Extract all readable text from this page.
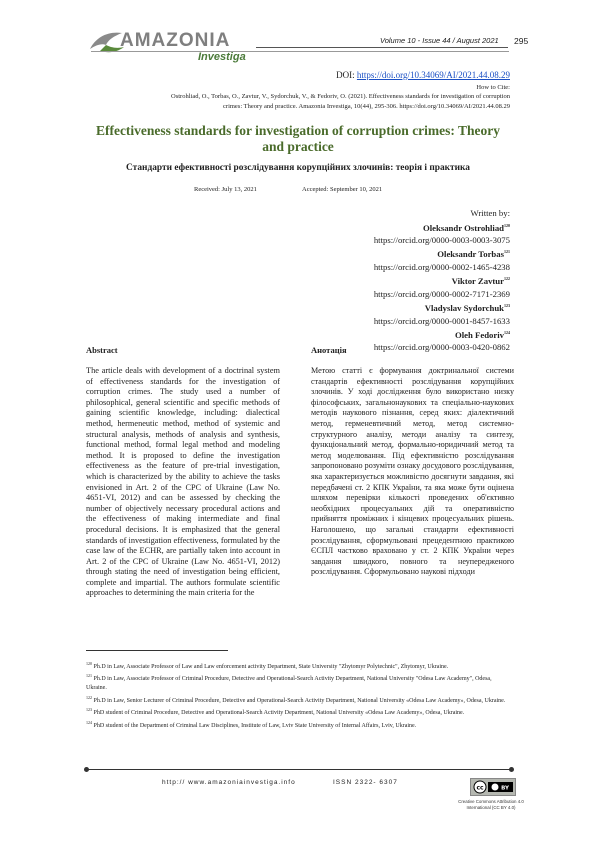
AMAZONIA
Investiga
Volume 10 - Issue 44 / August 2021 295
DOI: https://doi.org/10.34069/AI/2021.44.08.29
How to Cite:
Ostrohliad, O., Torbas, O., Zavtur, V., Sydorchuk, V., & Fedoriv, O. (2021). Effectiveness standards for investigation of corruption
crimes: Theory and practice. Amazonia Investiga, 10(44), 295-306. https://doi.org/10.34069/AI/2021.44.08.29
Effectiveness standards for investigation of corruption crimes: Theory and practice
Стандарти ефективності розслідування корупційних злочинів: теорія і практика
Received: July 13, 2021	Accepted: September 10, 2021
Written by:
Oleksandr Ostrohliad$^{120}$
https://orcid.org/0000-0003-0003-3075
Oleksandr Torbas$^{121}$
https://orcid.org/0000-0002-1465-4238
Viktor Zavtur$^{122}$
https://orcid.org/0000-0002-7171-2369
Vladyslav Sydorchuk$^{123}$
https://orcid.org/0000-0001-8457-1633
Oleh Fedoriv$^{124}$
https://orcid.org/0000-0003-0420-0862
Abstract	Анотація
The article deals with development of a doctrinal system of effectiveness standards for the investigation of corruption crimes. The study used a number of philosophical, general scientific and specific methods of gaining scientific knowledge, including: dialectical method, hermeneutic method, method of systemic and structural analysis, methods of analysis and synthesis, functional method, formal legal method and modeling method. It is proposed to define the investigation effectiveness as the feature of pre-trial investigation, which is characterized by the ability to achieve the tasks envisioned in Art. 2 of the CPC of Ukraine (Law No. 4651-VI, 2012) and can be assessed by checking the number of objectively necessary procedural actions and the effectiveness of making intermediate and final procedural decisions. It is emphasized that the general standards of investigation effectiveness, formulated by the case law of the ECHR, are partially taken into account in Art. 2 of the CPC of Ukraine (Law No. 4651-VI, 2012) through stating the need of investigation being efficient, complete and impartial. The authors formulate scientific approaches to determining the main criteria for the
Метою статті є формування доктринальної системи стандартів ефективності розслідування корупційних злочинів. У ході дослідження було використано низку філософських, загальнонаукових та спеціально-наукових методів наукового пізнання, серед яких: діалектичний метод, герменевтичний метод, метод системно-структурного аналізу, методи аналізу та синтезу, функціональний метод, формально-юридичний метод та метод моделювання. Під ефективністю розслідування запропоновано розуміти ознаку досудового розслідування, яка характеризується можливістю досягнути завдання, які передбачені ст. 2 КПК України, та яка може бути оцінена шляхом перевірки кількості проведених об'єктивно необхідних процесуальних дій та оперативністю прийняття проміжних і кінцевих процесуальних рішень. Наголошено, що загальні стандарти ефективності розслідування, сформульовані прецедентною практикою ЄСПЛ частково враховано у ст. 2 КПК України через завдання швидкого, повного та неупередженого розслідування. Сформульовано наукові підходи

$^{120}$ Ph.D in Law, Associate Professor of Law and Law enforcement activity Department, State University "Zhytomyr Polytechnic", Zhytomyr, Ukraine.

$^{121}$ Ph.D in Law, Associate Professor of Criminal Procedure, Detective and Operational-Search Activity Department, National University "Odesa Law Academy", Odesa, Ukraine.

$^{122}$ Ph.D in Law, Senior Lecturer of Criminal Procedure, Detective and Operational-Search Activity Department, National University «Odesa Law Academy», Odesa, Ukraine.

$^{123}$ PhD student of Criminal Procedure, Detective and Operational-Search Activity Department, National University «Odesa Law Academy», Odesa, Ukraine.

$^{124}$ PhD student of the Department of Criminal Law Disciplines, Institute of Law, Lviv State University of Internal Affairs, Lviv, Ukraine.

http:// www.amazoniainvestiga.info	ISSN 2322- 6307
cc	BY
Creative Commons Attribution 4.0
International (CC BY 4.0)
